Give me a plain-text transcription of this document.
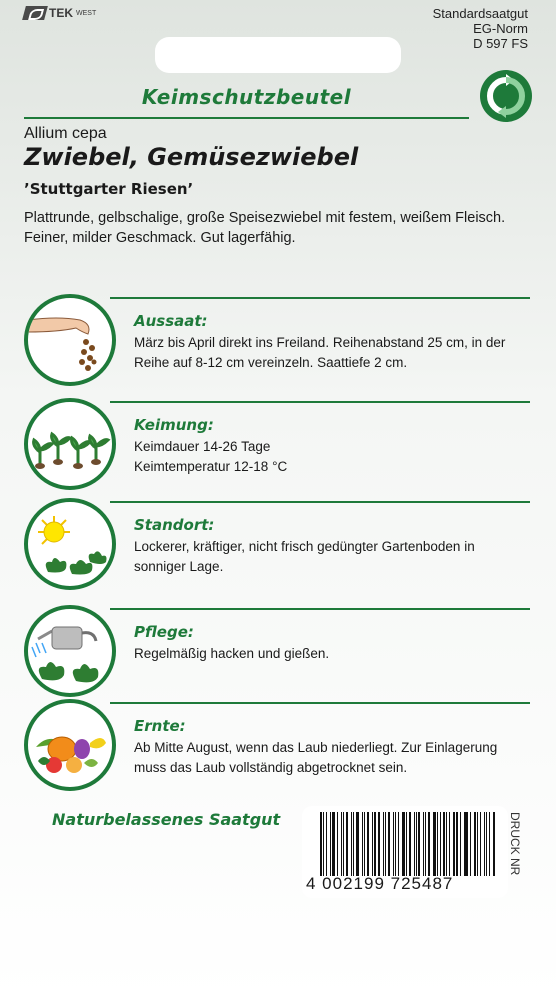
TEK WEST	Standardsaatgut
EG-Norm
D 597 FS
Keimschutzbeutel
Allium cepa
Zwiebel, Gemüsezwiebel
’Stuttgarter Riesen’
Plattrunde, gelbschalige, große Speisezwiebel mit festem, weißem Fleisch. Feiner, milder Geschmack. Gut lagerfähig.
Aussaat:
März bis April direkt ins Freiland. Reihenabstand 25 cm, in der Reihe auf 8-12 cm vereinzeln. Saattiefe 2 cm.
Keimung:
Keimdauer 14-26 Tage
Keimtemperatur 12-18 °C
Standort:
Lockerer, kräftiger, nicht frisch gedüngter Gartenboden in sonniger Lage.
Pflege:
Regelmäßig hacken und gießen.
Ernte:
Ab Mitte August, wenn das Laub niederliegt. Zur Einlagerung muss das Laub vollständig abgetrocknet sein.
Naturbelassenes Saatgut
4 002199 725487
DRUCK NR
